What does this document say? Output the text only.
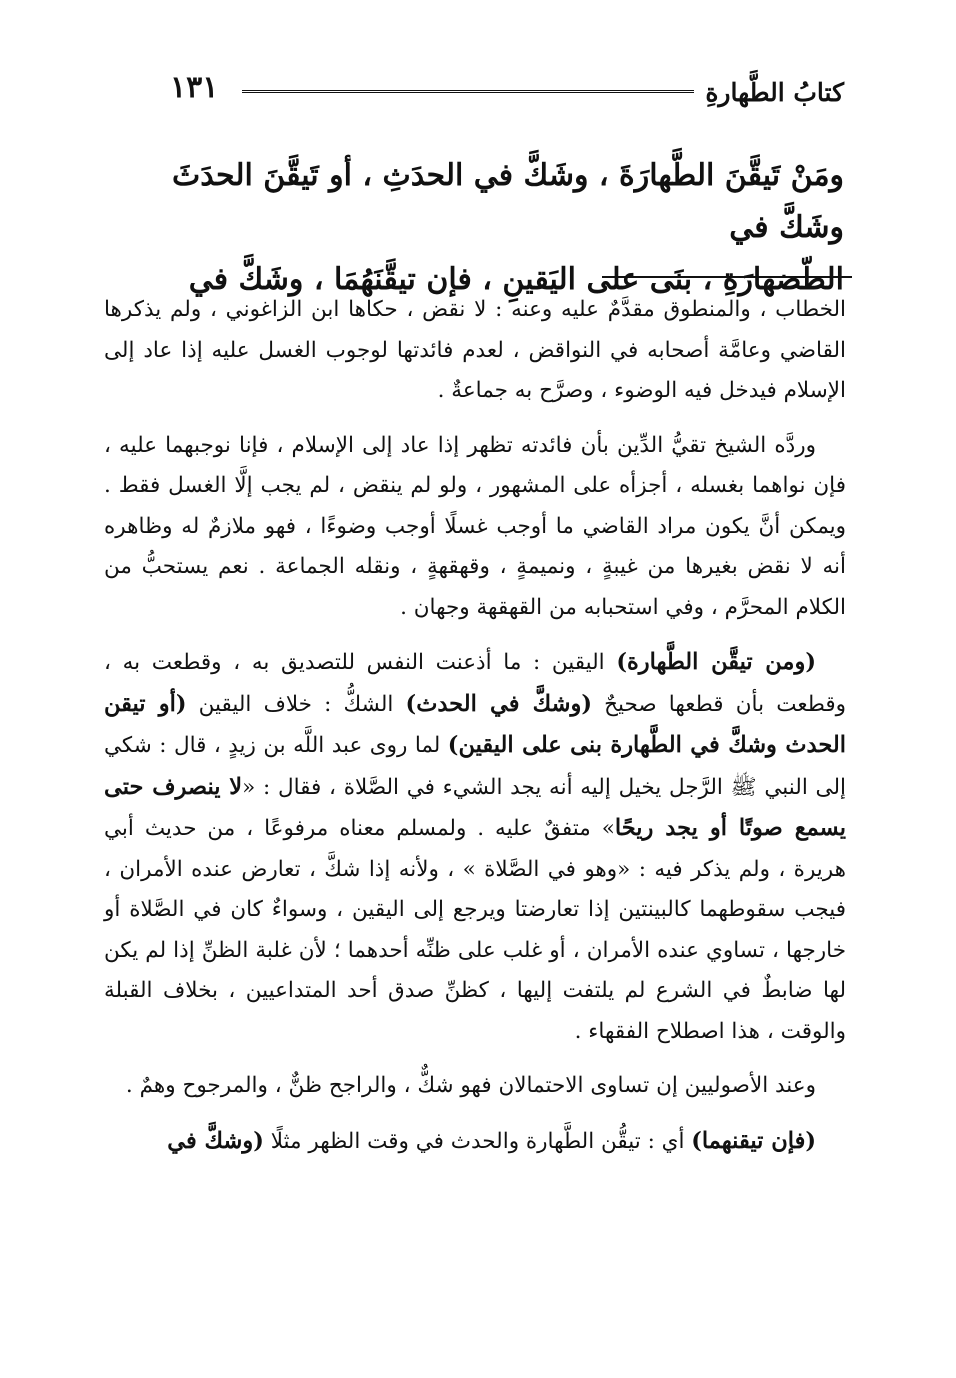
١٣١	كتابُ الطَّهارةِ

ومَنْ تَيقَّنَ الطَّهارَةَ ، وشَكَّ في الحدَثِ ، أو تَيقَّنَ الحدَثَ وشَكَّ في

الطّضهارَةِ ، بنَى على اليَقينِ ، فإن تيقَّنَهُمَا ، وشَكَّ في

الخطاب ، والمنطوق مقدَّمٌ عليه وعنه : لا نقض ، حكاها ابن الزاغوني ، ولم يذكرها القاضي وعامَّة أصحابه في النواقض ، لعدم فائدتها لوجوب الغسل عليه إذا عاد إلى الإسلام فيدخل فيه الوضوء ، وصرَّح به جماعةٌ .

وردَّه الشيخ تقيُّ الدِّين بأن فائدته تظهر إذا عاد إلى الإسلام ، فإنا نوجبهما عليه ، فإن نواهما بغسله ، أجزأه على المشهور ، ولو لم ينقض ، لم يجب إلَّا الغسل فقط . ويمكن أنَّ يكون مراد القاضي ما أوجب غسلًا أوجب وضوءًا ، فهو ملازمٌ له وظاهره أنه لا نقض بغيرها من غيبةٍ ، ونميمةٍ ، وقهقهةٍ ، ونقله الجماعة . نعم يستحبُّ من الكلام المحرَّم ، وفي استحبابه من القهقهة وجهان .

(ومن تيقَّن الطَّهارة) اليقين : ما أذعنت النفس للتصديق به ، وقطعت به ، وقطعت بأن قطعها صحيحٌ (وشكَّ في الحدث) الشكُّ : خلاف اليقين (أو تيقن الحدث وشكَّ في الطَّهارة بنى على اليقين) لما روى عبد اللَّه بن زيدٍ ، قال : شكي إلى النبي ﷺ الرَّجل يخيل إليه أنه يجد الشيء في الصَّلاة ، فقال : «لا ينصرف حتى يسمع صوتًا أو يجد ريحًا» متفقٌ عليه . ولمسلم معناه مرفوعًا ، من حديث أبي هريرة ، ولم يذكر فيه : «وهو في الصَّلاة » ، ولأنه إذا شكَّ ، تعارض عنده الأمران ، فيجب سقوطهما كالبينتين إذا تعارضتا ويرجع إلى اليقين ، وسواءٌ كان في الصَّلاة أو خارجها ، تساوي عنده الأمران ، أو غلب على ظنِّه أحدهما ؛ لأن غلبة الظنِّ إذا لم يكن لها ضابطٌ في الشرع لم يلتفت إليها ، كظنِّ صدق أحد المتداعيين ، بخلاف القبلة والوقت ، هذا اصطلاح الفقهاء .

وعند الأصوليين إن تساوى الاحتمالان فهو شكٌّ ، والراجح ظنٌّ ، والمرجوح وهمٌ .

(فإن تيقنهما) أي : تيقُّن الطَّهارة والحدث في وقت الظهر مثلًا (وشكَّ في
